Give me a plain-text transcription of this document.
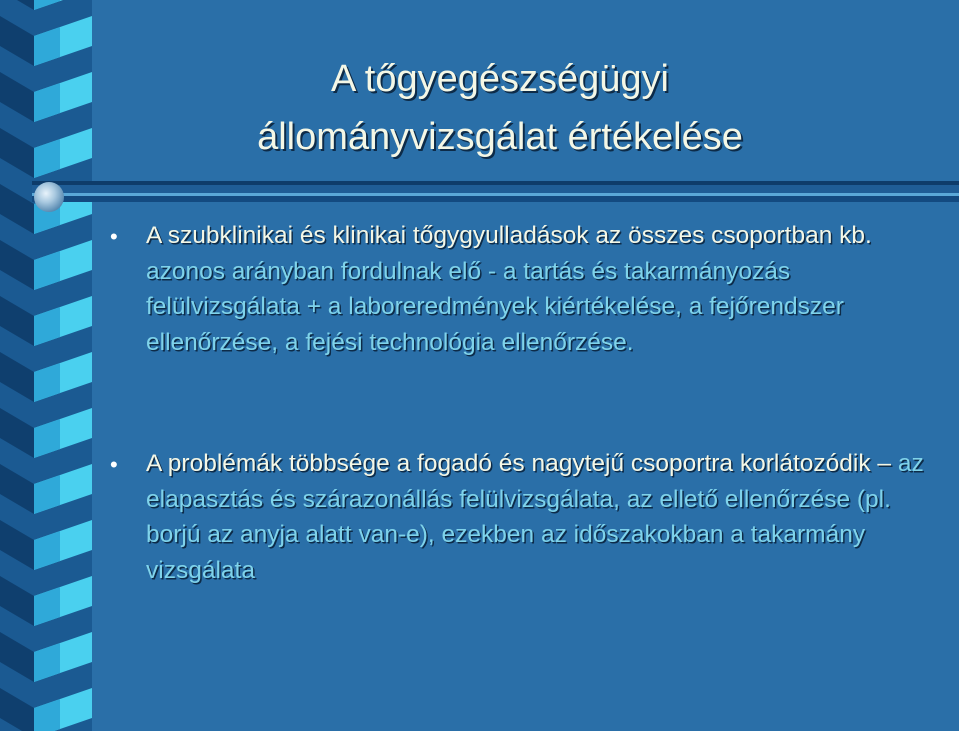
A tőgyegészségügyi
állományvizsgálat értékelése
• A szubklinikai és klinikai tőgygyulladások az összes csoportban kb. azonos arányban fordulnak elő - a tartás és takarmányozás felülvizsgálata + a laboreredmények kiértékelése, a fejőrendszer ellenőrzése, a fejési technológia ellenőrzése.
• A problémák többsége a fogadó és nagytejű csoportra korlátozódik – az elapasztás és szárazonállás felülvizsgálata, az ellető ellenőrzése (pl. borjú az anyja alatt van-e), ezekben az időszakokban a takarmány vizsgálata
